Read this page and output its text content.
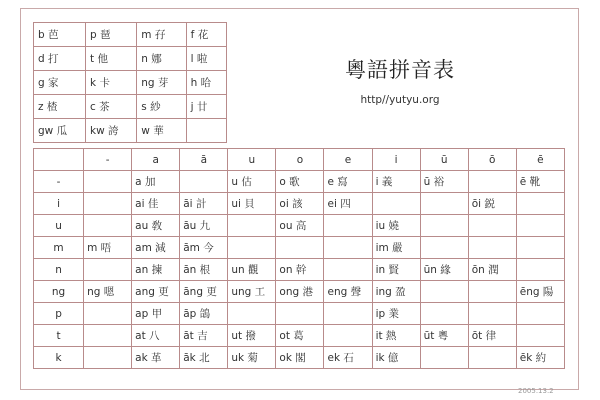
b 芭	p 琶	m 孖	f 花
d 打	t 他	n 娜	l 啦
g 家	k 卡	ng 芽	h 哈
z 楂	c 茶	s 紗	j 廿
gw 瓜	kw 誇	w 華	
粵語拼音表
http//yutyu.org
	-	a	ā	u	o	e	i	ū	ō	ē
-		a 加		u 估	o 歌	e 寫	i 義	ū 裕		ē 靴
i		ai 佳	āi 計	ui 貝	oi 該	ei 四			ōi 鋭	
u		au 敎	āu 九		ou 高		iu 嬈			
m	m 唔	am 減	ām 今				im 嚴			
n		an 揀	ān 根	un 觀	on 幹		in 賢	ūn 緣	ōn 潤	
ng	ng 嗯	ang 更	āng 更	ung 工	ong 港	eng 聲	ing 盈			ēng 陽
p		ap 甲	āp 鴿				ip 業			
t		at 八	āt 吉	ut 撥	ot 葛		it 熱	ūt 粵	ōt 律	
k		ak 革	āk 北	uk 菊	ok 閣	ek 石	ik 億			ēk 約
2005.13.2
